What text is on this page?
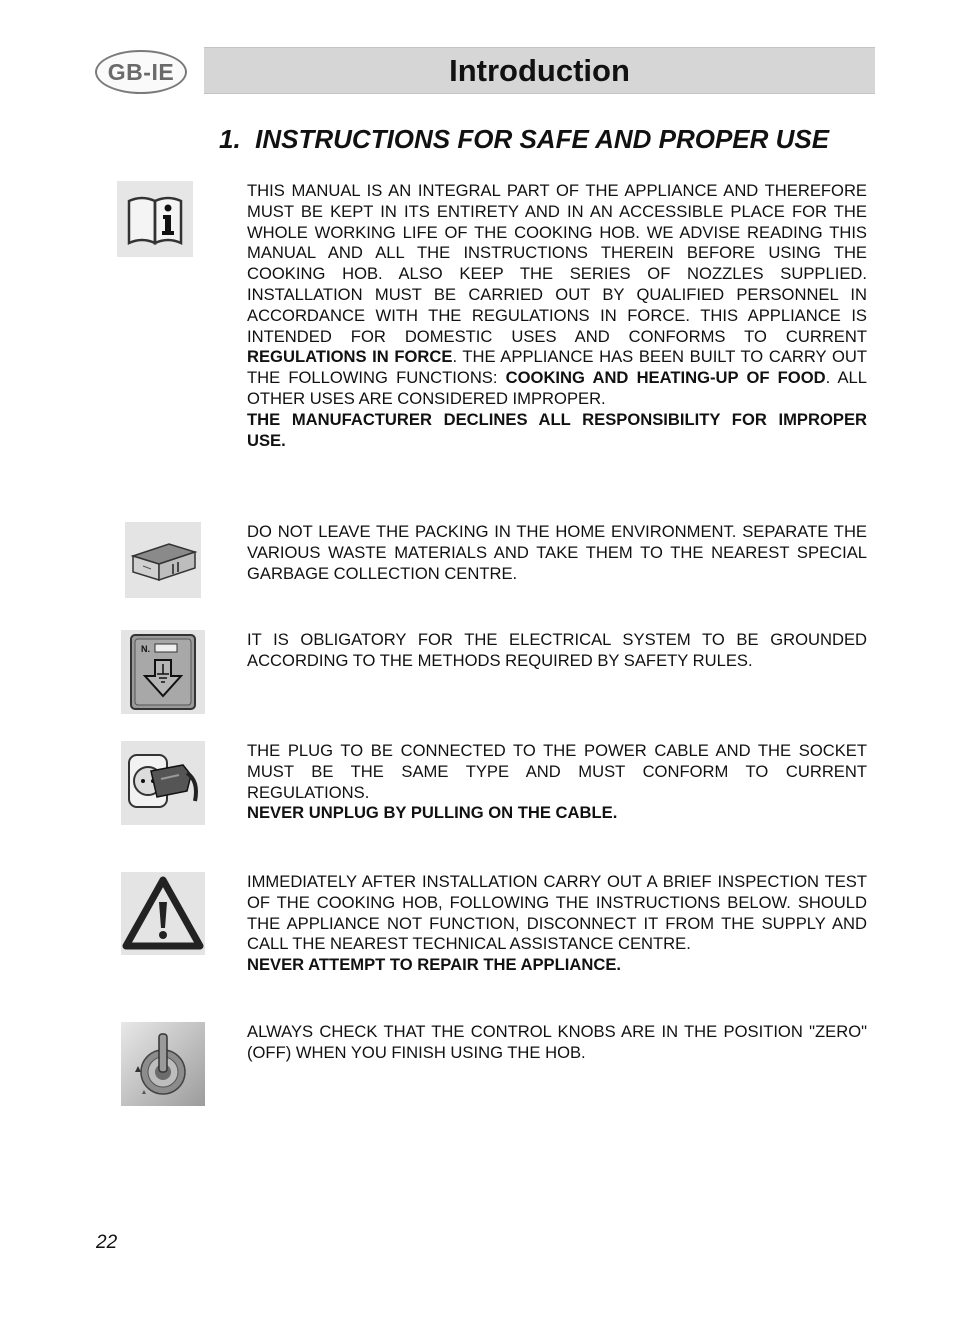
GB-IE	Introduction
1. INSTRUCTIONS FOR SAFE AND PROPER USE

THIS MANUAL IS AN INTEGRAL PART OF THE APPLIANCE AND THEREFORE MUST BE KEPT IN ITS ENTIRETY AND IN AN ACCESSIBLE PLACE FOR THE WHOLE WORKING LIFE OF THE COOKING HOB. WE ADVISE READING THIS MANUAL AND ALL THE INSTRUCTIONS THEREIN BEFORE USING THE COOKING HOB. ALSO KEEP THE SERIES OF NOZZLES SUPPLIED. INSTALLATION MUST BE CARRIED OUT BY QUALIFIED PERSONNEL IN ACCORDANCE WITH THE REGULATIONS IN FORCE. THIS APPLIANCE IS INTENDED FOR DOMESTIC USES AND CONFORMS TO CURRENT REGULATIONS IN FORCE. THE APPLIANCE HAS BEEN BUILT TO CARRY OUT THE FOLLOWING FUNCTIONS: COOKING AND HEATING-UP OF FOOD. ALL OTHER USES ARE CONSIDERED IMPROPER.

THE MANUFACTURER DECLINES ALL RESPONSIBILITY FOR IMPROPER USE.

DO NOT LEAVE THE PACKING IN THE HOME ENVIRONMENT. SEPARATE THE VARIOUS WASTE MATERIALS AND TAKE THEM TO THE NEAREST SPECIAL GARBAGE COLLECTION CENTRE.

N.	IT IS OBLIGATORY FOR THE ELECTRICAL SYSTEM TO BE GROUNDED ACCORDING TO THE METHODS REQUIRED BY SAFETY RULES.

THE PLUG TO BE CONNECTED TO THE POWER CABLE AND THE SOCKET MUST BE THE SAME TYPE AND MUST CONFORM TO CURRENT REGULATIONS.

NEVER UNPLUG BY PULLING ON THE CABLE.

IMMEDIATELY AFTER INSTALLATION CARRY OUT A BRIEF INSPECTION TEST OF THE COOKING HOB, FOLLOWING THE INSTRUCTIONS BELOW. SHOULD THE APPLIANCE NOT FUNCTION, DISCONNECT IT FROM THE SUPPLY AND CALL THE NEAREST TECHNICAL ASSISTANCE CENTRE.

NEVER ATTEMPT TO REPAIR THE APPLIANCE.

ALWAYS CHECK THAT THE CONTROL KNOBS ARE IN THE POSITION "ZERO" (OFF) WHEN YOU FINISH USING THE HOB.

22
